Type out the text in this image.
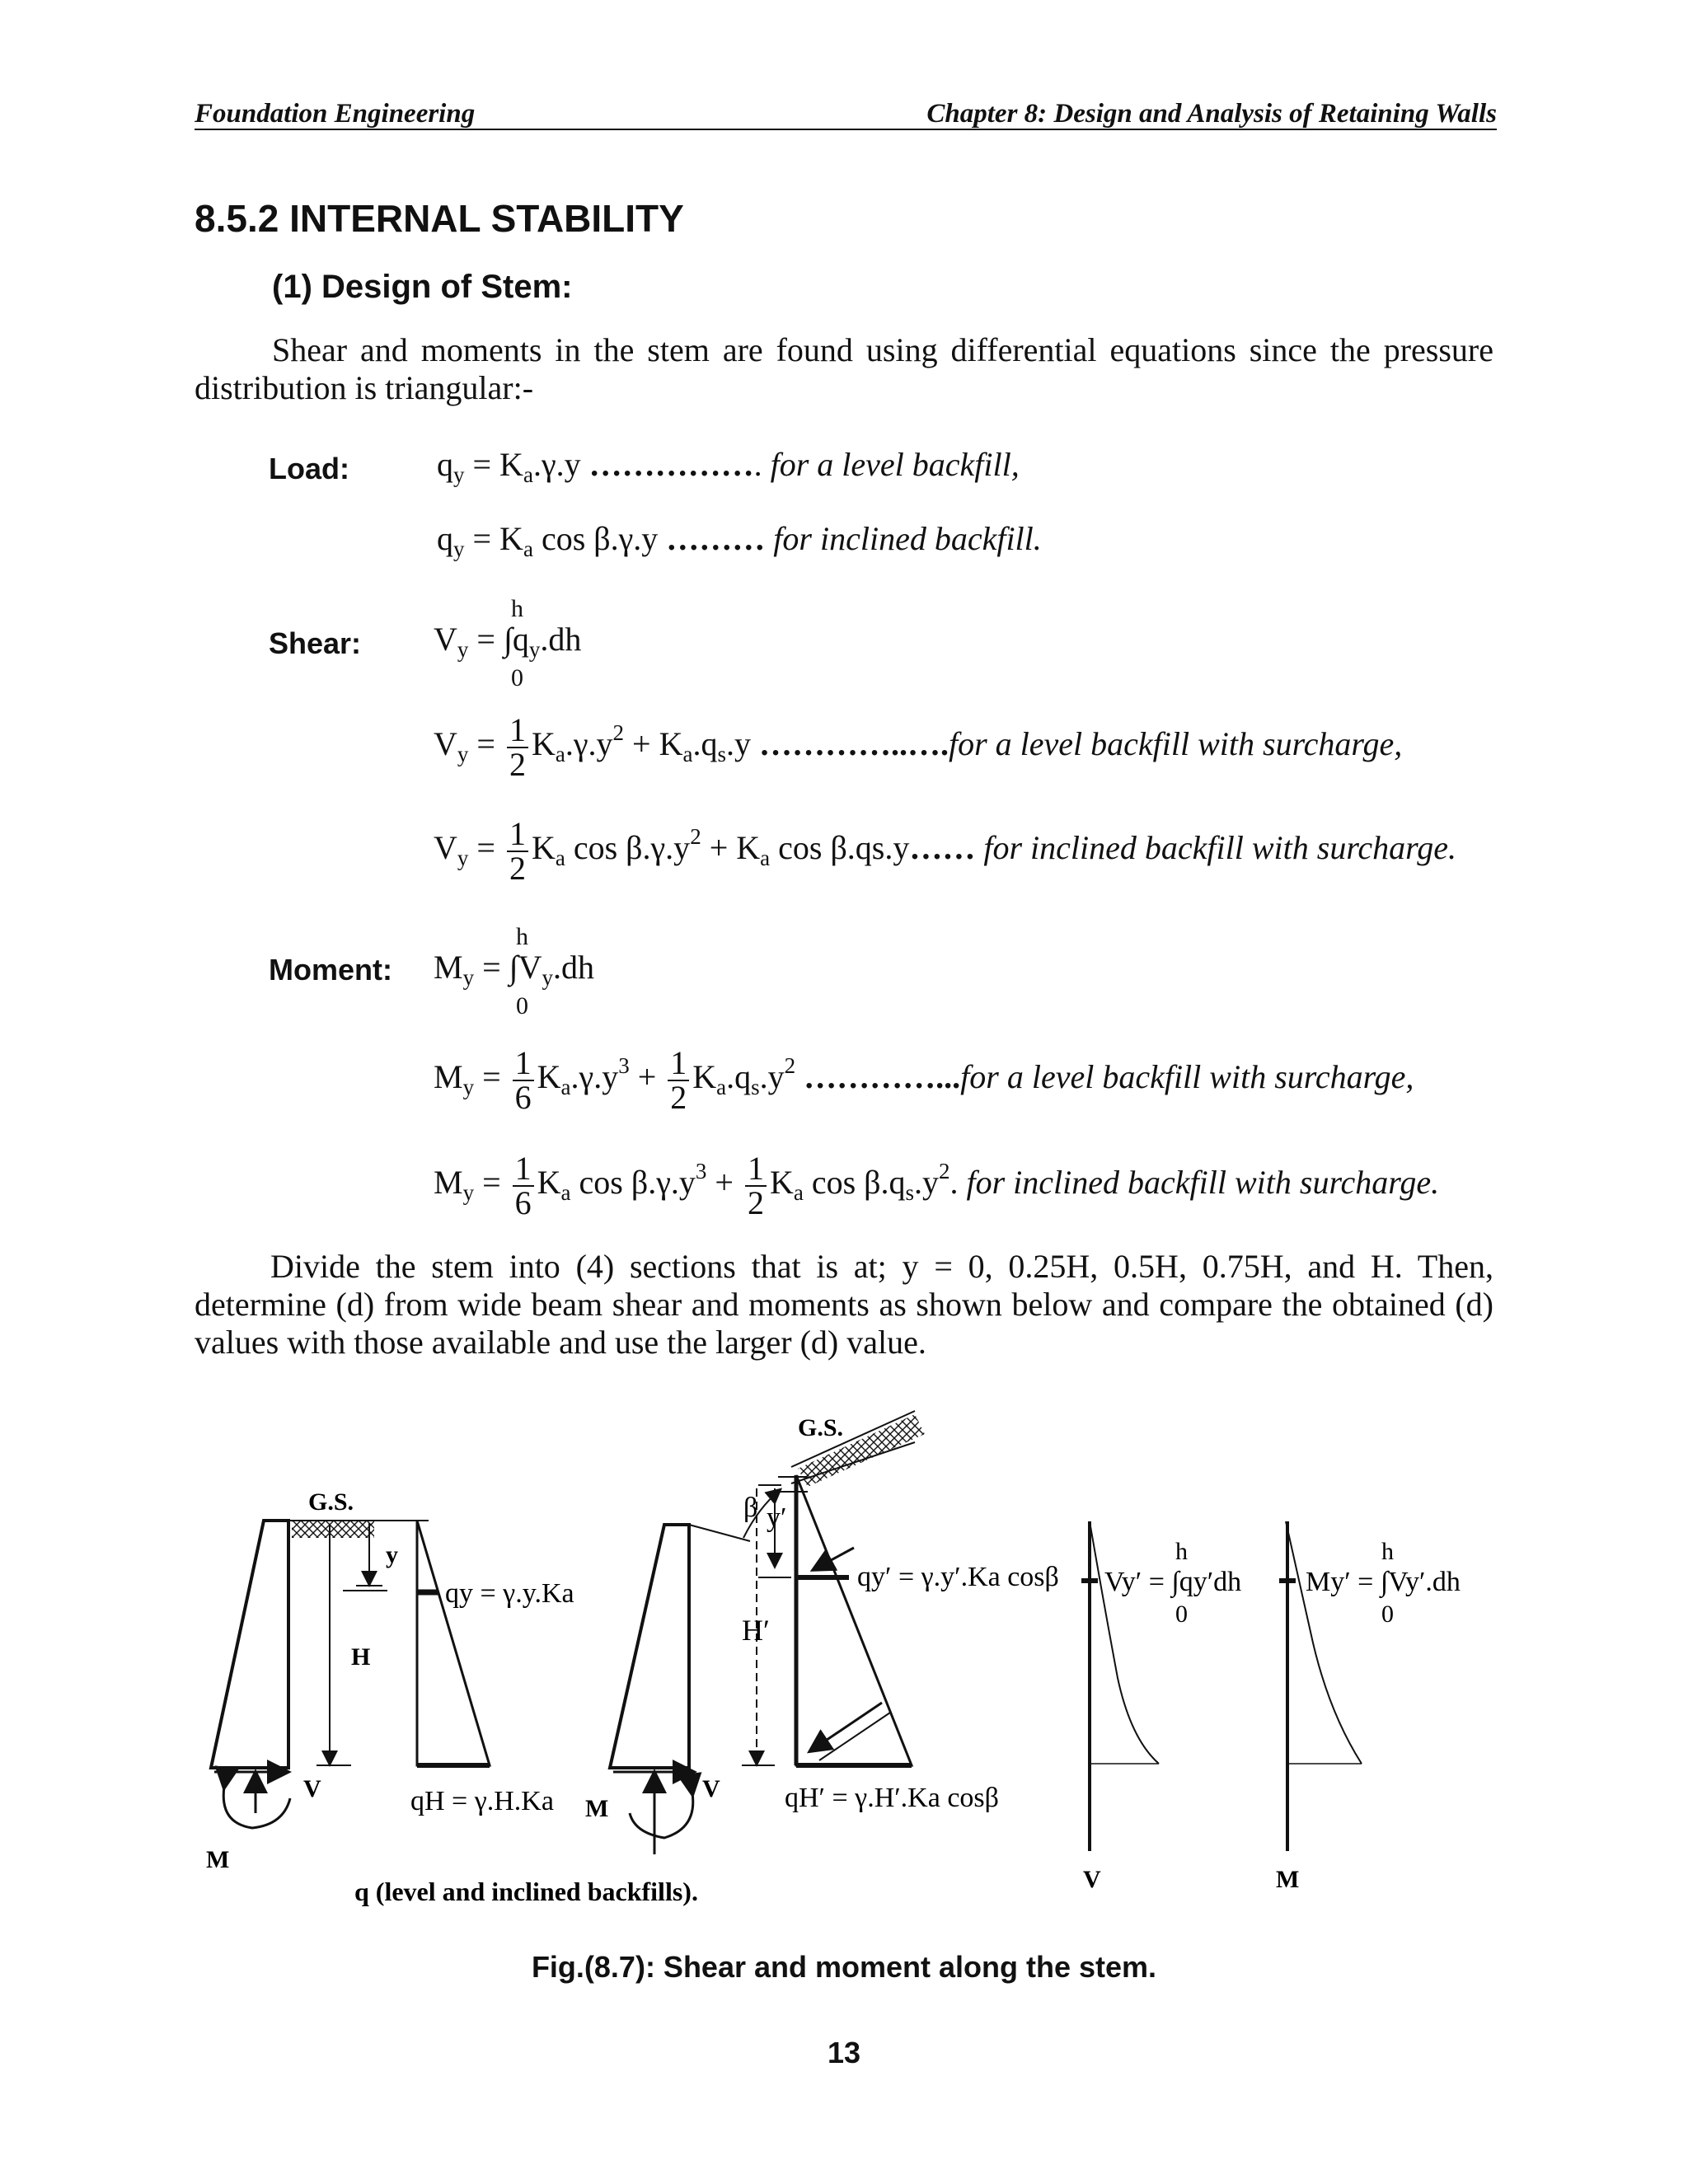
Foundation Engineering	Chapter 8: Design and Analysis of Retaining Walls
8.5.2 INTERNAL STABILITY
(1) Design of Stem:
Shear and moments in the stem are found using differential equations since the pressure distribution is triangular:-
Load:	$q_y = K_a.\gamma.y$ ……………. for a level backfill,
$q_y = K_a$ cos β.γ.y ……… for inclined backfill.
Shear:
h
$V_y = \int q_y.dh$
0
$V_y = \frac{1}{2} K_a.\gamma.y^2 + K_a.q_s.y$ …………..….for a level backfill with surcharge,
$V_y = \frac{1}{2} K_a$ $\cos \beta.\gamma.y^2 + K_a$ cos β.qs.y…… for inclined backfill with surcharge.
Moment:
h
$M_y = \int V_y.dh$
0
$M_y = \frac{1}{6} K_a.\gamma.y^3 + \frac{1}{2} K_a.q_s.y^2$ …………...for a level backfill with surcharge,
$M_y = \frac{1}{6} K_a$ $\cos \beta.\gamma.y^3 + \frac{1}{2} K_a$ $\cos \beta.q_s.y^2$. for inclined backfill with surcharge.
Divide the stem into (4) sections that is at; y = 0, 0.25H, 0.5H, 0.75H, and H. Then, determine (d) from wide beam shear and moments as shown below and compare the obtained (d) values with those available and use the larger (d) value.
G.S.
y
H
V
M
qy = γ.y.Ka
qH = γ.H.Ka
G.S.
β y′
H′
qy′ = γ.y′.Ka cosβ
qH′ = γ.H′.Ka cosβ
V
M
h
Vy′ = ∫qy′dh
0
V
h
My′ = ∫Vy′.dh
0
M
q (level and inclined backfills).
Fig.(8.7): Shear and moment along the stem.
13
